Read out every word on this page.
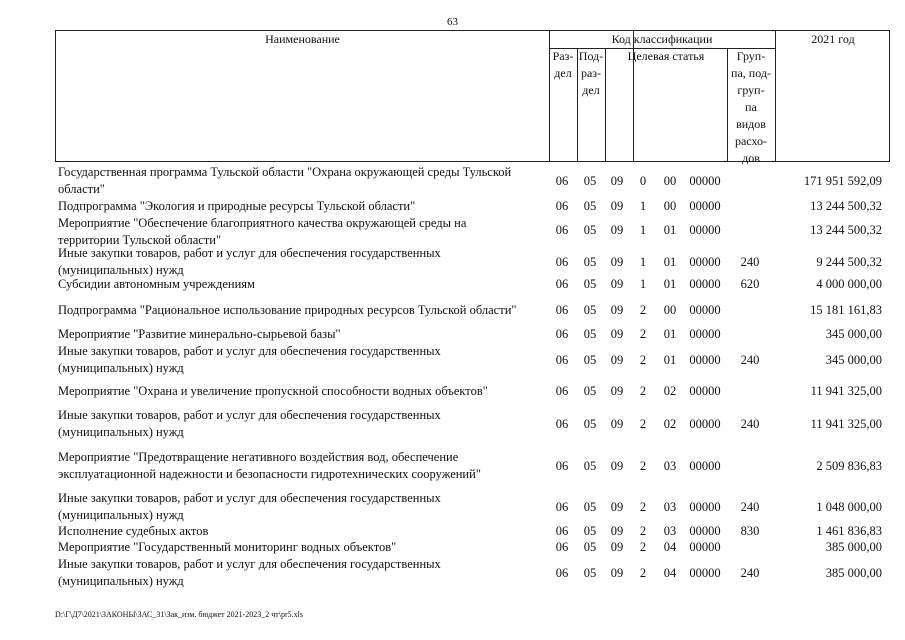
63
Наименование	Код классификации	2021 год
Раз-
дел
Под-
раз-
дел
Целевая статья	Груп-
па, под-
груп-
па
видов
расхо-
дов
Государственная программа Тульской области "Охрана окружающей среды Тульской
области"
06	05	09	0	00	00000	171 951 592,09
Подпрограмма "Экология и природные ресурсы Тульской области"	06	05	09	1	00	00000	13 244 500,32
Мероприятие "Обеспечение благоприятного качества окружающей среды на
территории Тульской области"
06	05	09	1	01	00000	13 244 500,32
Иные закупки товаров, работ и услуг для обеспечения государственных
(муниципальных) нужд
06	05	09	1	01	00000	240	9 244 500,32
Субсидии автономным учреждениям	06	05	09	1	01	00000	620	4 000 000,00
Подпрограмма "Рациональное использование природных ресурсов Тульской области"	06	05	09	2	00	00000	15 181 161,83
Мероприятие "Развитие минерально-сырьевой базы"	06	05	09	2	01	00000	345 000,00
Иные закупки товаров, работ и услуг для обеспечения государственных
(муниципальных) нужд
06	05	09	2	01	00000	240	345 000,00
Мероприятие "Охрана и увеличение пропускной способности водных объектов"	06	05	09	2	02	00000	11 941 325,00
Иные закупки товаров, работ и услуг для обеспечения государственных
(муниципальных) нужд
06	05	09	2	02	00000	240	11 941 325,00
Мероприятие "Предотвращение негативного воздействия вод, обеспечение
эксплуатационной надежности и безопасности гидротехнических сооружений"
06	05	09	2	03	00000	2 509 836,83
Иные закупки товаров, работ и услуг для обеспечения государственных
(муниципальных) нужд
06	05	09	2	03	00000	240	1 048 000,00
Исполнение судебных актов	06	05	09	2	03	00000	830	1 461 836,83
Мероприятие "Государственный мониторинг водных объектов"	06	05	09	2	04	00000	385 000,00
Иные закупки товаров, работ и услуг для обеспечения государственных
(муниципальных) нужд
06	05	09	2	04	00000	240	385 000,00
D:\Г\Д7\2021\ЗАКОНЫ\ЗАС_31\Зак_изм. бюджет 2021-2023_2 чт\pr5.xls
